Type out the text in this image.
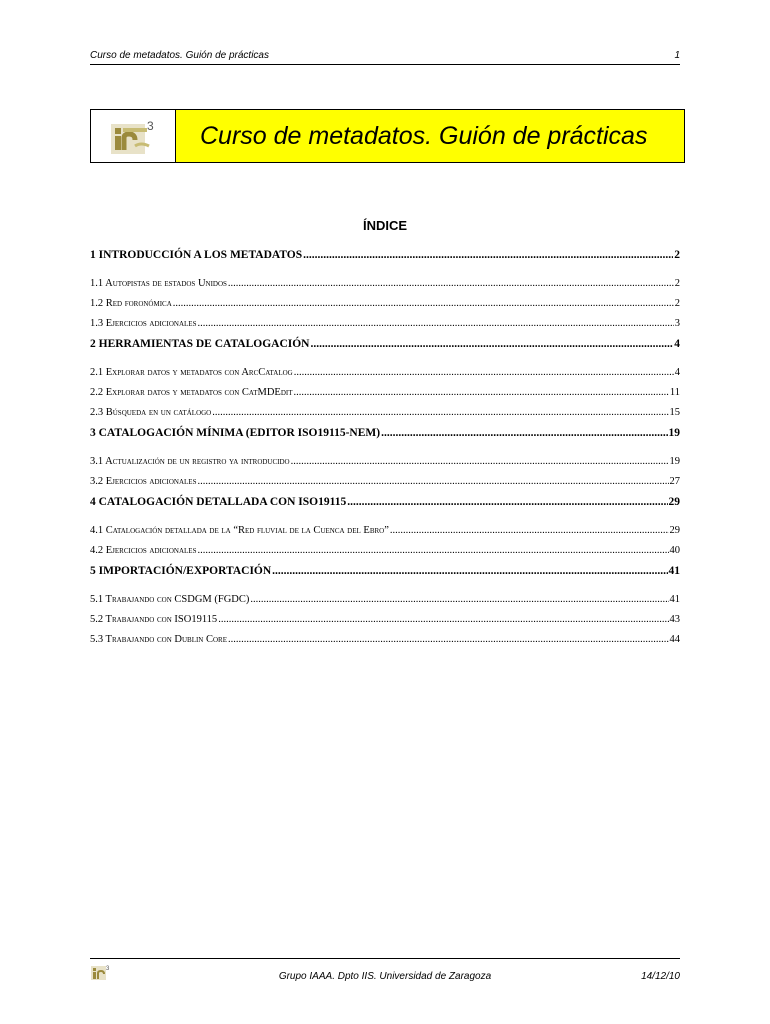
Curso de metadatos. Guión de prácticas	1
3 Curso de metadatos. Guión de prácticas
ÍNDICE
1 INTRODUCCIÓN A LOS METADATOS .....	2
1.1 Autopistas de estados Unidos .....	2
1.2 Red foronómica .....	2
1.3 Ejercicios adicionales .....	3
2 HERRAMIENTAS DE CATALOGACIÓN .....	4
2.1 Explorar datos y metadatos con ArcCatalog .....	4
2.2 Explorar datos y metadatos con CatMDEdit .....	11
2.3 Búsqueda en un catálogo .....	15
3 CATALOGACIÓN MÍNIMA (EDITOR ISO19115-NEM) .....	19
3.1 Actualización de un registro ya introducido .....	19
3.2 Ejercicios adicionales .....	27
4 CATALOGACIÓN DETALLADA CON ISO19115 .....	29
4.1 Catalogación detallada de la “Red fluvial de la Cuenca del Ebro” .....	29
4.2 Ejercicios adicionales .....	40
5 IMPORTACIÓN/EXPORTACIÓN .....	41
5.1 Trabajando con CSDGM (FGDC) .....	41
5.2 Trabajando con ISO19115 .....	43
5.3 Trabajando con Dublin Core .....	44
3
Grupo IAAA. Dpto IIS. Universidad de Zaragoza	14/12/10
